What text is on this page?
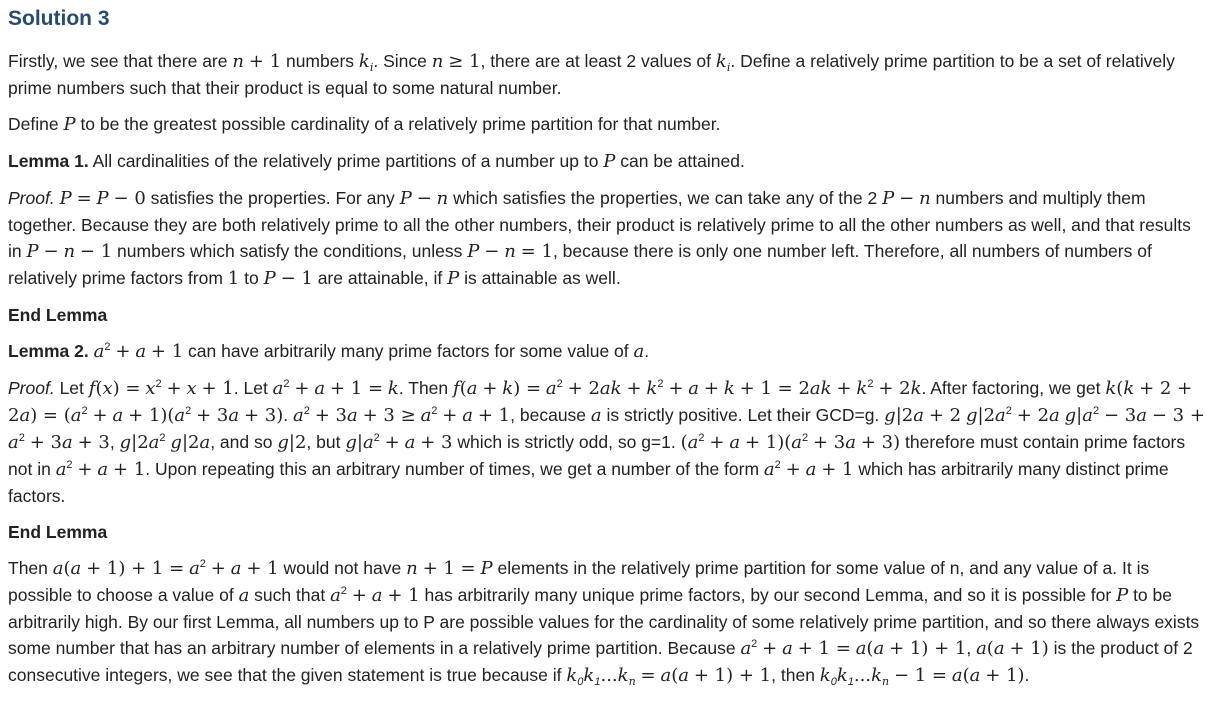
Solution 3

Firstly, we see that there are n + 1 numbers $k_i$. Since n ≥ 1, there are at least 2 values of $k_i$. Define a relatively prime partition to be a set of relatively prime numbers such that their product is equal to some natural number.

Define P to be the greatest possible cardinality of a relatively prime partition for that number.

Lemma 1. All cardinalities of the relatively prime partitions of a number up to P can be attained.

Proof. P = P − 0 satisfies the properties. For any P − n which satisfies the properties, we can take any of the 2 P − n numbers and multiply them together. Because they are both relatively prime to all the other numbers, their product is relatively prime to all the other numbers as well, and that results in P − n − 1 numbers which satisfy the conditions, unless P − n = 1, because there is only one number left. Therefore, all numbers of numbers of relatively prime factors from 1 to P − 1 are attainable, if P is attainable as well.

End Lemma

Lemma 2. $a^2 + a + 1$ can have arbitrarily many prime factors for some value of a.

Proof. Let $f(x) = x^2 + x + 1$. Let $a^2 + a + 1 = k$. Then $f(a + k) = a^2 + 2ak + k^2 + a + k + 1 = 2ak + k^2 + 2k$. After factoring, we get $k(k + 2 + 2a) = (a^2 + a + 1)(a^2 + 3a + 3)$. $a^2 + 3a + 3 \ge a^2 + a + 1$, because a is strictly positive. Let their GCD=g. g|2a + 2 $g|2a^2 + 2a$ $g|a^2 - 3a - 3 + a^2 + 3a + 3$, $g|2a^2$ g|2a, and so g|2, but $g|a^2 + a + 3$ which is strictly odd, so g=1. $(a^2 + a + 1)(a^2 + 3a + 3)$ therefore must contain prime factors not in $a^2 + a + 1$. Upon repeating this an arbitrary number of times, we get a number of the form $a^2 + a + 1$ which has arbitrarily many distinct prime factors.

End Lemma

Then $a(a + 1) + 1 = a^2 + a + 1$ would not have n + 1 = P elements in the relatively prime partition for some value of n, and any value of a. It is possible to choose a value of a such that $a^2 + a + 1$ has arbitrarily many unique prime factors, by our second Lemma, and so it is possible for P to be arbitrarily high. By our first Lemma, all numbers up to P are possible values for the cardinality of some relatively prime partition, and so there always exists some number that has an arbitrary number of elements in a relatively prime partition. Because $a^2 + a + 1 = a(a + 1) + 1$, a(a + 1) is the product of 2 consecutive integers, we see that the given statement is true because if $k_0k_1...k_n = a(a + 1) + 1$, then $k_0k_1...k_n - 1 = a(a + 1)$.
